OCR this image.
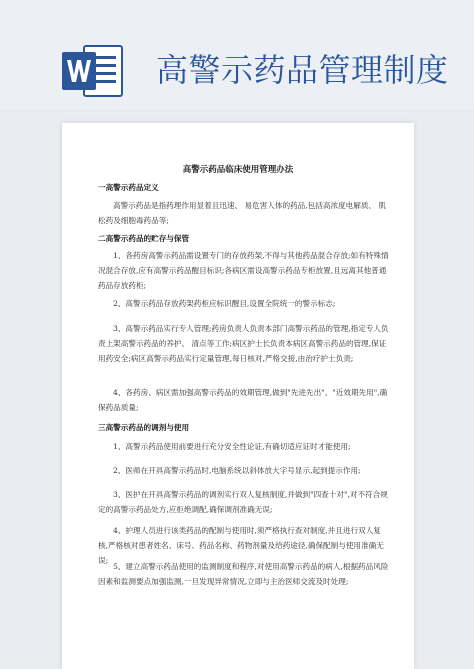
高警示药品管理制度
高警示药品临床使用管理办法
一高警示药品定义
高警示药品是指药理作用显着且迅速、 易危害人体的药品,包括高浓度电解质、 肌松药及细胞毒药品等;
二高警示药品的贮存与保管
1、各药房高警示药品需设置专门的存放药架,不得与其他药品混合存放;如有特殊情况混合存放,应有高警示药品醒目标识;各病区需设高警示药品专柜放置,且远离其他普通药品存放药柜;
2、高警示药品存放药架药柜应标识醒目,设置全院统一的警示标志;
3、高警示药品实行专人管理;药房负责人负责本部门高警示药品的管理,指定专人负责上架高警示药品的养护、 清点等工作;病区护士长负责本病区高警示药品的管理,保证用药安全;病区高警示药品实行定量管理,每日核对,严格交接,由治疗护士负责;
4、各药房、病区需加强高警示药品的效期管理,做到"先进先出"、"近效期先用",确保药品质量;
三高警示药品的调剂与使用
1、高警示药品使用前要进行充分安全性论证,有确切适应证时才能使用;
2、医师在开具高警示药品时,电脑系统以斜体放大字号显示,起到提示作用;
3、医护在开具高警示药品的调剂实行双人复核制度,并做到"四查十对",对不符合规定的高警示药品处方,应拒绝调配,确保调剂准确无误;
4、护理人员进行该类药品的配制与使用时,须严格执行查对制度,并且进行双人复核,严格核对患者姓名、床号、药品名称、药物剂量及给药途径,确保配制与使用准确无误;
5、建立高警示药品使用的监测制度和程序,对使用高警示药品的病人,根据药品风险因素和监测要点加强监测,一旦发现异常情况,立即与主治医师交流及时处理;
